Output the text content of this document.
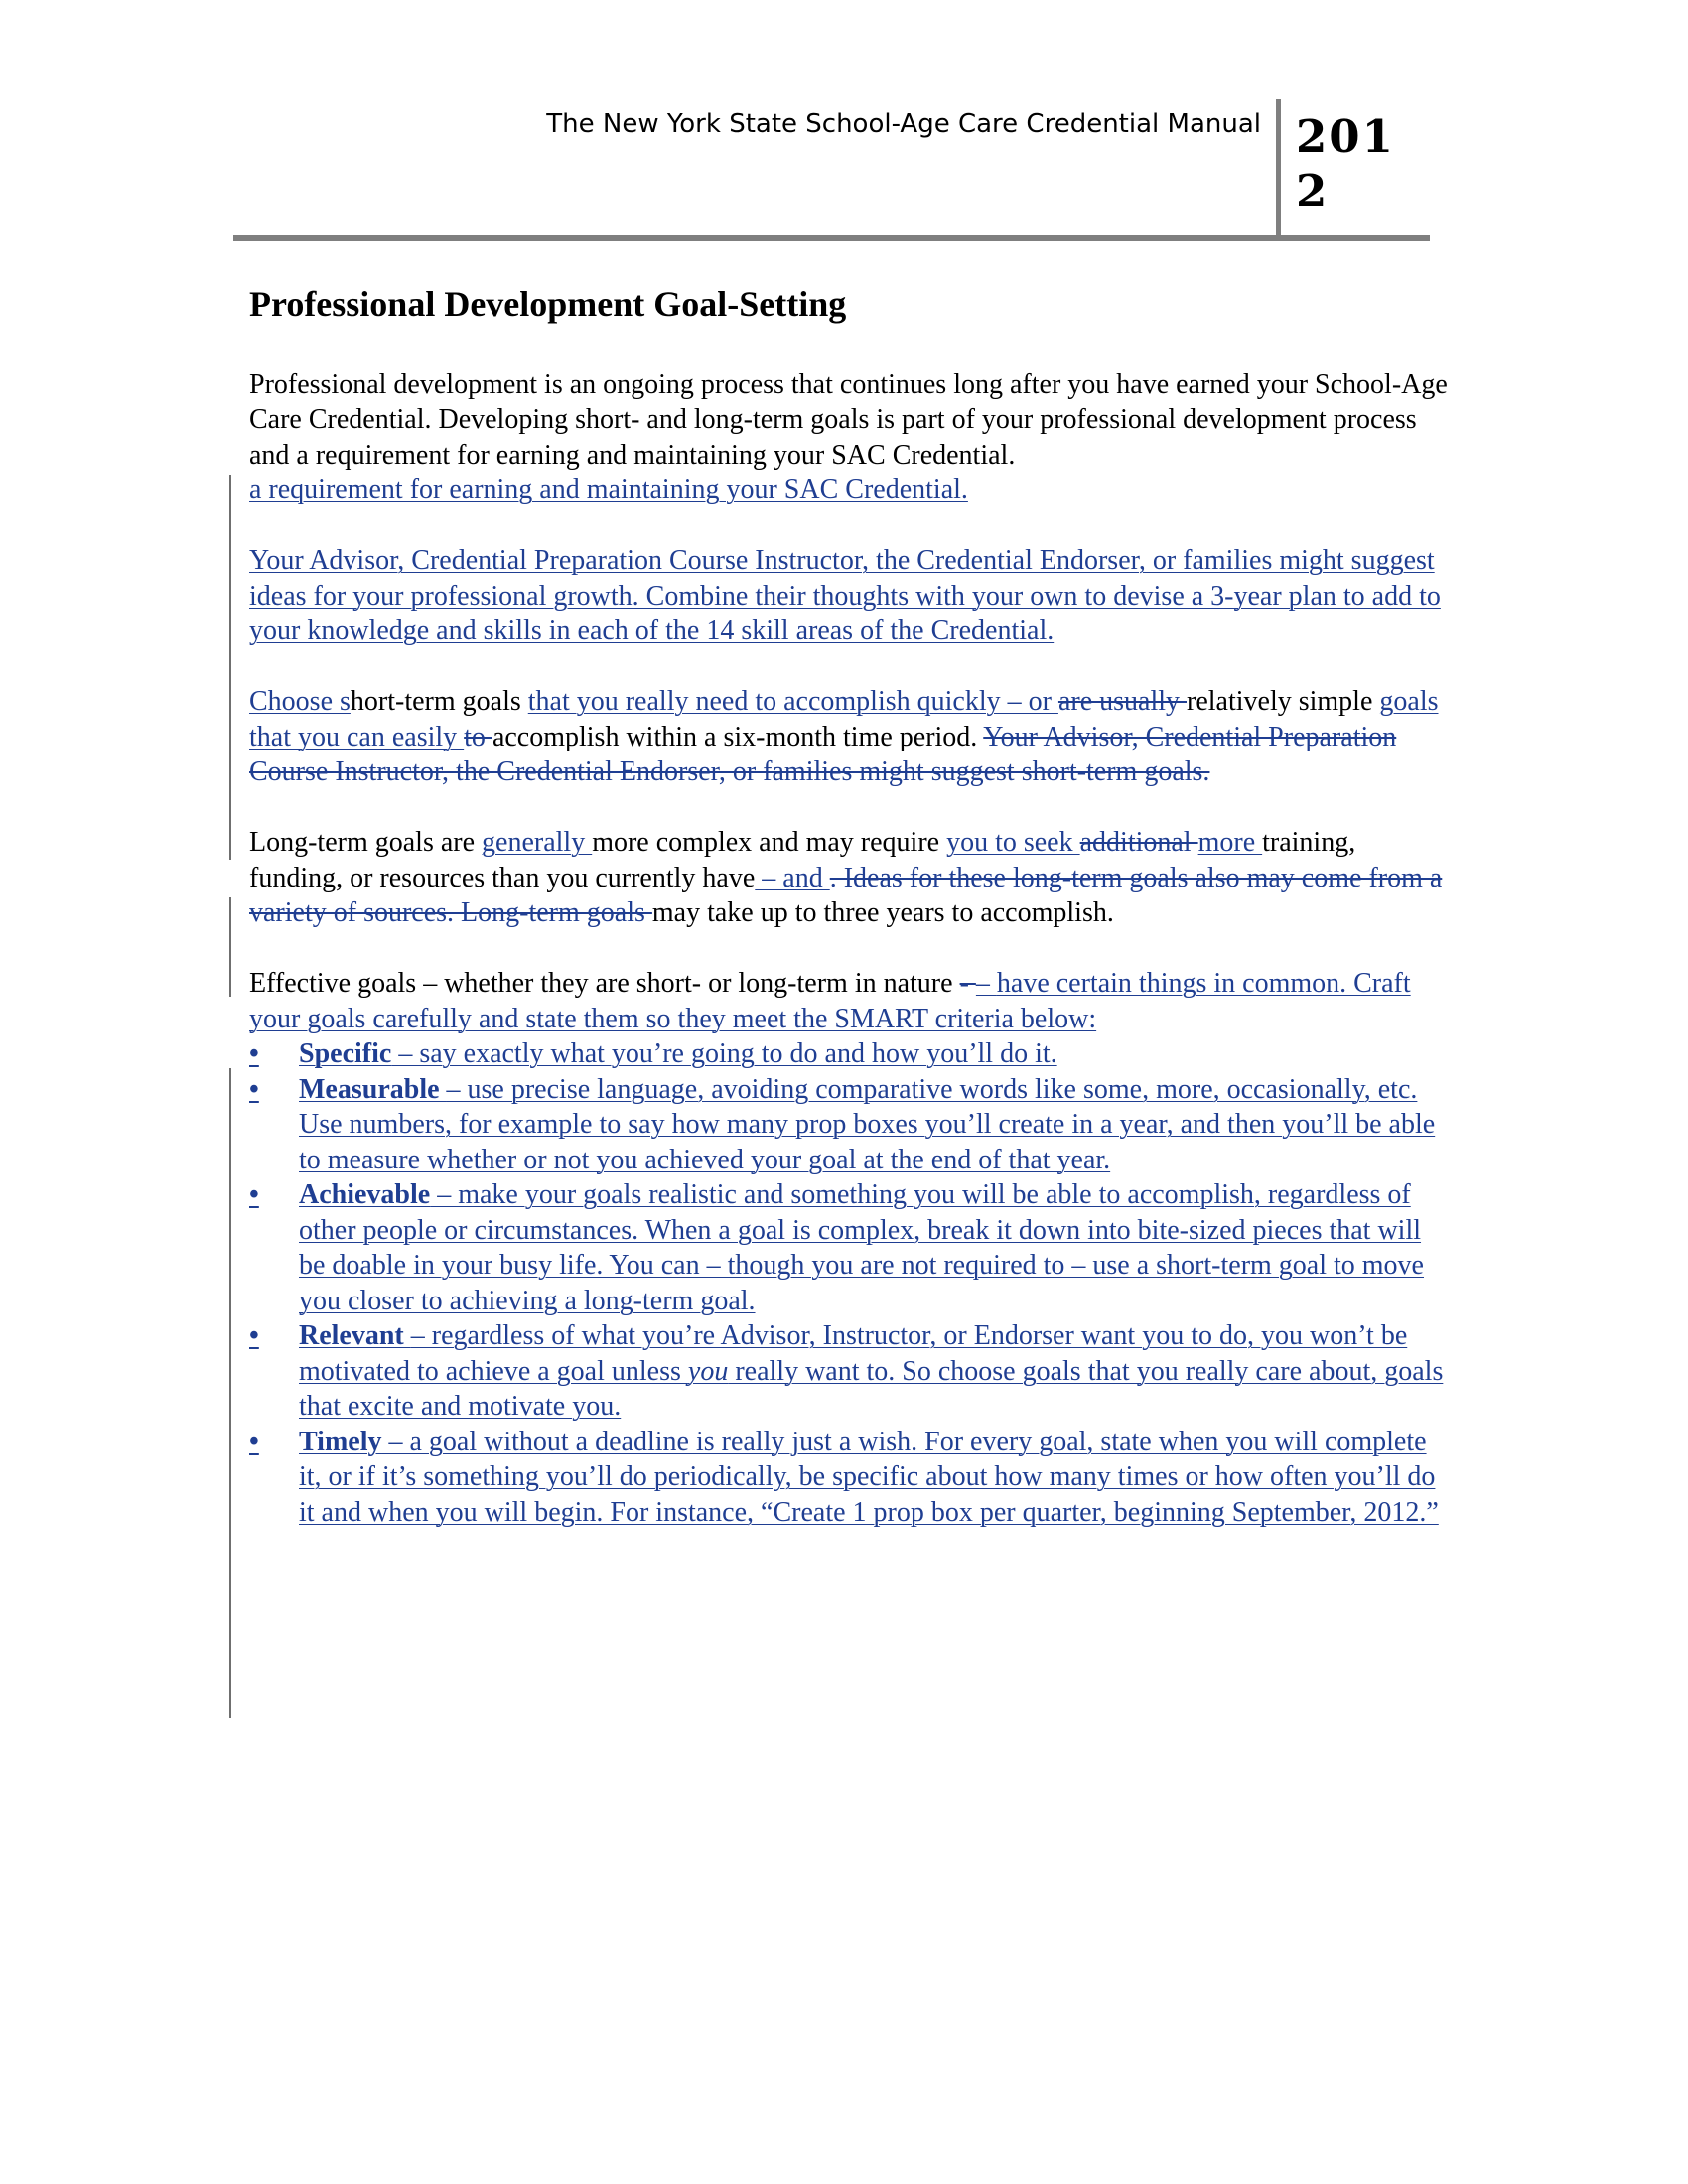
The New York State School-Age Care Credential Manual 201
2
Professional Development Goal-Setting

Professional development is an ongoing process that continues long after you have earned your School-Age Care Credential. Developing short- and long-term goals is part of your professional development process and a requirement for earning and maintaining your SAC Credential.
a requirement for earning and maintaining your SAC Credential.

Your Advisor, Credential Preparation Course Instructor, the Credential Endorser, or families might suggest ideas for your professional growth. Combine their thoughts with your own to devise a 3-year plan to add to your knowledge and skills in each of the 14 skill areas of the Credential.

Choose short-term goals that you really need to accomplish quickly – or are usually relatively simple goals that you can easily to accomplish within a six-month time period. Your Advisor, Credential Preparation Course Instructor, the Credential Endorser, or families might suggest short-term goals.

Long-term goals are generally more complex and may require you to seek additional more training, funding, or resources than you currently have – and . Ideas for these long-term goals also may come from a variety of sources. Long-term goals may take up to three years to accomplish.

Effective goals – whether they are short- or long-term in nature - – have certain things in common. Craft your goals carefully and state them so they meet the SMART criteria below:

•	Specific – say exactly what you’re going to do and how you’ll do it.
•	Measurable – use precise language, avoiding comparative words like some, more, occasionally, etc. Use numbers, for example to say how many prop boxes you’ll create in a year, and then you’ll be able to measure whether or not you achieved your goal at the end of that year.
•	Achievable – make your goals realistic and something you will be able to accomplish, regardless of other people or circumstances. When a goal is complex, break it down into bite-sized pieces that will be doable in your busy life. You can – though you are not required to – use a short-term goal to move you closer to achieving a long-term goal.
•	Relevant – regardless of what you’re Advisor, Instructor, or Endorser want you to do, you won’t be motivated to achieve a goal unless you really want to. So choose goals that you really care about, goals that excite and motivate you.
•	Timely – a goal without a deadline is really just a wish. For every goal, state when you will complete it, or if it’s something you’ll do periodically, be specific about how many times or how often you’ll do it and when you will begin. For instance, “Create 1 prop box per quarter, beginning September, 2012.”
